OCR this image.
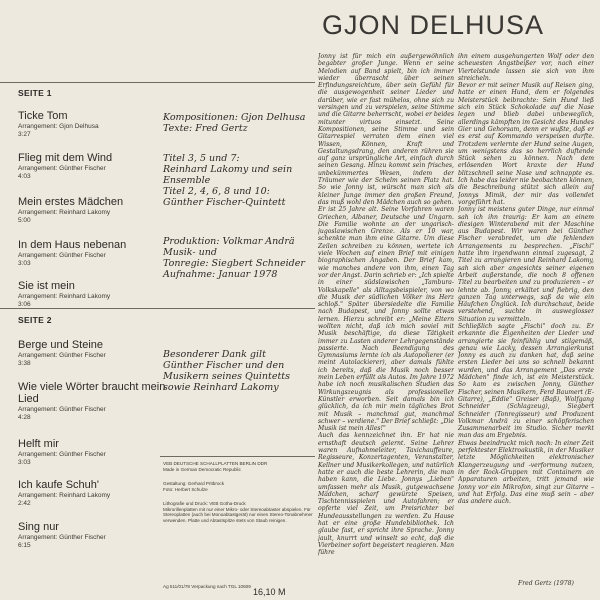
GJON DELHUSA
SEITE 1
Ticke Tom
Arrangement: Gjon Delhusa
3:27
Flieg mit dem Wind
Arrangement: Günther Fischer
4:03
Mein erstes Mädchen
Arrangement: Reinhard Lakomy
5:00
In dem Haus nebenan
Arrangement: Günther Fischer
3:03
Sie ist mein
Arrangement: Reinhard Lakomy
3:06
SEITE 2
Berge und Steine
Arrangement: Günther Fischer
3:38
Wie viele Wörter braucht mein Lied
Arrangement: Günther Fischer
4:28
Helft mir
Arrangement: Günther Fischer
3:03
Ich kaufe Schuh'
Arrangement: Reinhard Lakomy
2:42
Sing nur
Arrangement: Günther Fischer
6:15
Kompositionen: Gjon Delhusa
Texte: Fred Gertz
Titel 3, 5 und 7:
Reinhard Lakomy und sein Ensemble
Titel 2, 4, 6, 8 und 10:
Günther Fischer-Quintett
Produktion: Volkmar Andrä
Musik- und
Tonregie: Siegbert Schneider
Aufnahme: Januar 1978
Besonderer Dank gilt Günther Fischer und den Musikern seines Quintetts sowie Reinhard Lakomy

VEB DEUTSCHE SCHALLPLATTEN BERLIN DDR

Made in German Democratic Republic

Gestaltung: Gerhard Pritbrock

Foto: Herbert Schulze

Lithografie und Druck: VEB Gotha-Druck

Mikrorillenplatten mit nur einer Mikro- oder Stereoabtaster abspielen. Für Stereoplatten (auch bei Monoabtastgerät) nur einen Stereo-Tonabnehmer verwenden. Platte und Abtastspitze stets von Staub reinigen.

Ag 511/01/78 Verpackung nach TGL 10609
16,10 M

Jonny ist für mich ein außergewöhnlich begabter großer Junge. Wenn er seine Melodien auf Band spielt, bin ich immer wieder überrascht über seinen Erfindungsreichtum, über sein Gefühl für die ausgewogenheit seiner Lieder und darüber, wie er fast mühelos, ohne sich zu versingen und zu verspielen, seine Stimme und die Gitarre beherrscht, wobei er beides mitunter virtuos einsetzt. Seine Kompositionen, seine Stimme und sein Gitarrespiel verraten dem einen viel Wissen, Können, Kraft und Gestaltungsdrang, den anderen rühren sie auf ganz ursprüngliche Art, einfach durch seinen Gesang. Hinzu kommt sein frisches, unbekümmertes Wesen, indem der Träumer wie der Schelm seinen Platz hat. So wie Jonny ist, würscht man sich als kleiner Junge immer den großen Freund, das muß wohl den Mädchen auch so gehen.

Er ist 25 Jahre alt. Seine Vorfahren waren Griechen, Albaner, Deutsche und Ungarn. Die Familie wohnte an der ungarisch-jugoslawischen Grenze. Als er 10 war, schenkte man ihm eine Gitarre. Um diese Zeilen schreiben zu können, wertete ich viele Wochen auf einen Brief mit einigen biographischen Angaben. Der Brief kam, wie manches andere von ihm, einen Tag vor der Angst. Darin schrieb er: „Ich spielte in einer südslawischen „Tambura-Volkskapelle" als Alltagsbeispieler, von wo die Musik der südlichen Völker ins Herz schloß." Später übersiedelte die Familie nach Budapest, und Jonny sollte etwas lernen. Hierzu schreibt er: „Meine Eltern wollten nicht, daß ich mich soviel mit Musik beschäftige, da diese Tätigkeit immer zu Lasten anderer Lehrgegenstände passierte. Nach Beendigung des Gymnasiums lernte ich als Autopolierer (er meint Autolackierer), aber damals fühlte ich bereits, daß die Musik noch besser mein Leben erfüllt als Autos. Im Jahre 1972 habe ich noch musikalischen Studien das Wirkungszeugnis als professioneller Künstler erworben. Seit damals bin ich glücklich, da ich mir mein tägliches Brot mit Musik – manchmal gut, manchmal schwer – verdiene." Der Brief schließt: „Die Musik ist mein Alles!"

Auch das kennzeichnet ihn. Er hat nie ernsthaft deutsch gelernt. Seine Lehrer waren Aufnahmeleiter, Taxichauffeure, Regisseure, Konzertagenten, Veranstalter, Kellner und Musikerkollegen, und natürlich hatte er auch die beste Lehrerin, die man haben kann, die Liebe. Jonnys „Lieben" umfassen mehr als Musik, gutgewachsene Mädchen, scharf gewürzte Speisen, Tischtennisspielen und Autofahren; er opferte viel Zeit, um Preisrichter bei Hundeausstellungen zu werden. Zu Hause hat er eine große Hundebibliothek. Ich glaube fast, er spricht ihre Sprache. Jonny jault, knurrt und winselt so echt, daß die Vierbeiner sofort begeistert reagieren. Man führe

ihn einem ausgehungerten Wolf oder den scheuesten Angstbeißer vor, nach einer Viertelstunde lassen sie sich von ihm streicheln.

Bevor er mit seiner Musik auf Reisen ging, hatte er einen Hund, dem er folgendes Meisterstück beibrachte: Sein Hund ließ sich ein Stück Schokolade auf die Nase legen und blieb dabei unbeweglich, allerdings kämpften im Gesicht des Hundes Gier und Gehorsam, denn er wußte, daß er es erst auf Kommando verspeisen durfte. Trotzdem verlernte der Hund seine Augen, um wenigstens das so herrlich duftende Stück sehen zu können. Nach dem erlösenden Wort kraxte der Hund blitzschnell seine Nase und schnappte es. Ich habe das leider nie beobachten können, die Beschreibung stützt sich allein auf Jonnys Mimik, der mir das vollendet vorgeführt hat.

Jonny ist meistens guter Dinge, nur einmal sah ich ihn traurig: Er kam an einem diesigen Winterabend mit der Maschine aus Budapest. Wir waren bei Günther Fischer verabredet, um die fehlenden Arrangements zu besprechen. „Fischi" hatte ihm irgendwann einmal zugesagt, 2 Titel zu arrangieren und Reinhard Lakomy, sah sich aber angesichts seiner eigenen Arbeit außerstande, die noch 8 offenen Titel zu bearbeiten und zu produzieren – er lehnte ab. Jonny, erkältet und fiebrig, den ganzen Tag unterwegs, saß da wie ein Häufchen Unglück. Ich durchschaut, beide verstehend, suchte in ausweglosser Situation zu vermitteln.

Schließlich sagte „Fischi" doch zu. Er erkannte die Eigenheiten der Lieder und arrangierte sie feinfühlig und stilgemäß, genau wie Lacky, dessen Arrangierkunst Jonny es auch zu danken hat, daß seine ersten Lieder bei uns so schnell bekannt wurden, und das Arrangement „Das erste Mädchen" finde ich, ist ein Meisterstück. So kam es zwischen Jonny, Günther Fischer, seinen Musikern, Ferd Baumert (E-Gitarre), „Eddie" Greiser (Baß), Wolfgang Schneider (Schlagzeug), Siegbert Schneider (Tonregisseur) und Produzent Volkmar Andrä zu einer schöpferischen Zusammenarbeit im Studio. Sicher merkt man das am Ergebnis.

Etwas beeindruckt mich noch: In einer Zeit perfektester Elektroakustik, in der Musiker letzte Möglichkeiten elektronischer Klangerzeugung und -verformung nutzen, in der Rock-Gruppen mit Containern an Apparaturen arbeiten, tritt jemand wie Jonny vor ein Mikrofon, singt zur Gitarre – und hat Erfolg. Das eine muß sein – aber das andere auch.

Fred Gertz (1978)
